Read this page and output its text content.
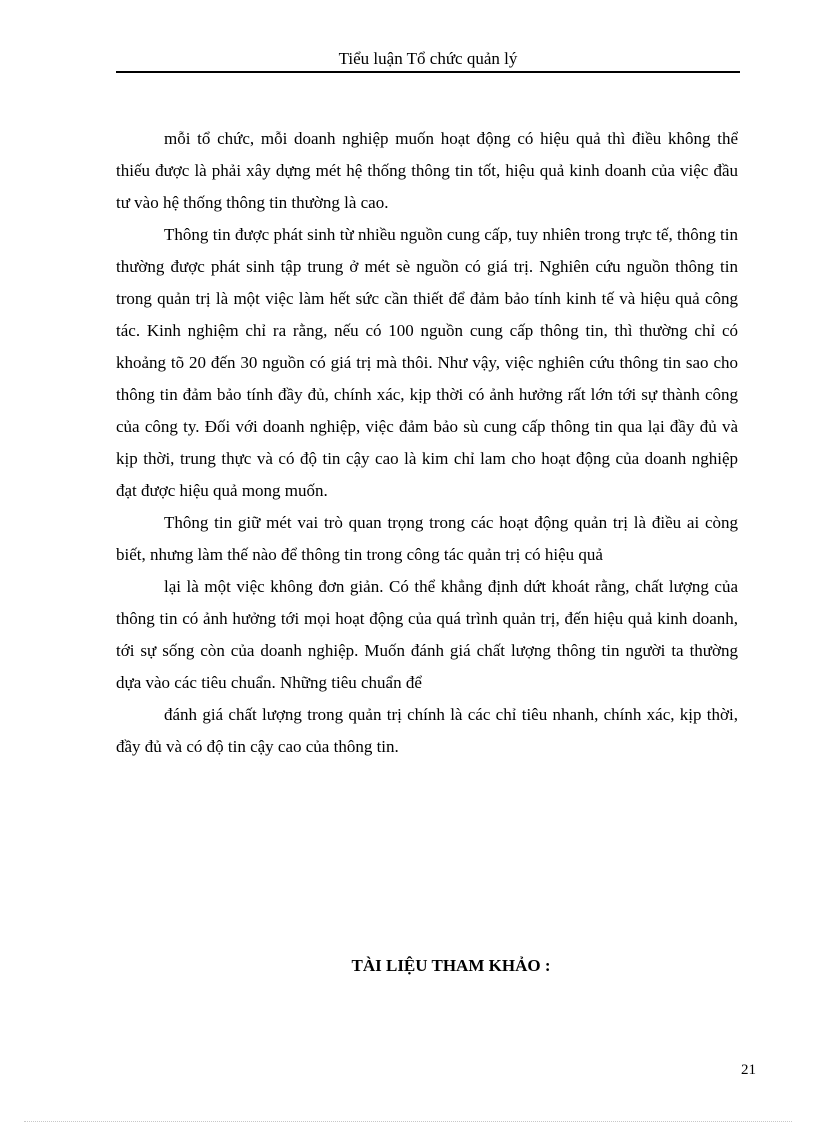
Tiểu luận Tổ chức quản lý

mỗi tổ chức, mỗi doanh nghiệp muốn hoạt động có hiệu quả thì điều không thể thiếu được là phải xây dựng mét hệ thống thông tin tốt, hiệu quả kinh doanh của việc đầu tư vào hệ thống thông tin thường là cao.

Thông tin được phát sinh từ nhiều nguồn cung cấp, tuy nhiên trong trực tế, thông tin thường được phát sinh tập trung ở mét sè nguồn có giá trị. Nghiên cứu nguồn thông tin trong quản trị là một việc làm hết sức cần thiết để đảm bảo tính kinh tế và hiệu quả công tác. Kinh nghiệm chỉ ra rằng, nếu có 100 nguồn cung cấp thông tin, thì thường chỉ có khoảng tõ 20 đến 30 nguồn có giá trị mà thôi. Như vậy, việc nghiên cứu thông tin sao cho thông tin đảm bảo tính đầy đủ, chính xác, kịp thời có ảnh hưởng rất lớn tới sự thành công của công ty. Đối với doanh nghiệp, việc đảm bảo sù cung cấp thông tin qua lại đầy đủ và kịp thời, trung thực và có độ tin cậy cao là kim chỉ lam cho hoạt động của doanh nghiệp đạt được hiệu quả mong muốn.

Thông tin giữ mét vai trò quan trọng trong các hoạt động quản trị là điều ai còng biết, nhưng làm thế nào để thông tin trong công tác quản trị có hiệu quả

lại là một việc không đơn giản. Có thể khẳng định dứt khoát rằng, chất lượng của thông tin có ảnh hưởng tới mọi hoạt động của quá trình quản trị, đến hiệu quả kinh doanh, tới sự sống còn của doanh nghiệp. Muốn đánh giá chất lượng thông tin người ta thường dựa vào các tiêu chuẩn. Những tiêu chuẩn để

đánh giá chất lượng trong quản trị chính là các chỉ tiêu nhanh, chính xác, kịp thời, đầy đủ và có độ tin cậy cao của thông tin.

TÀI LIỆU THAM KHẢO :
21
